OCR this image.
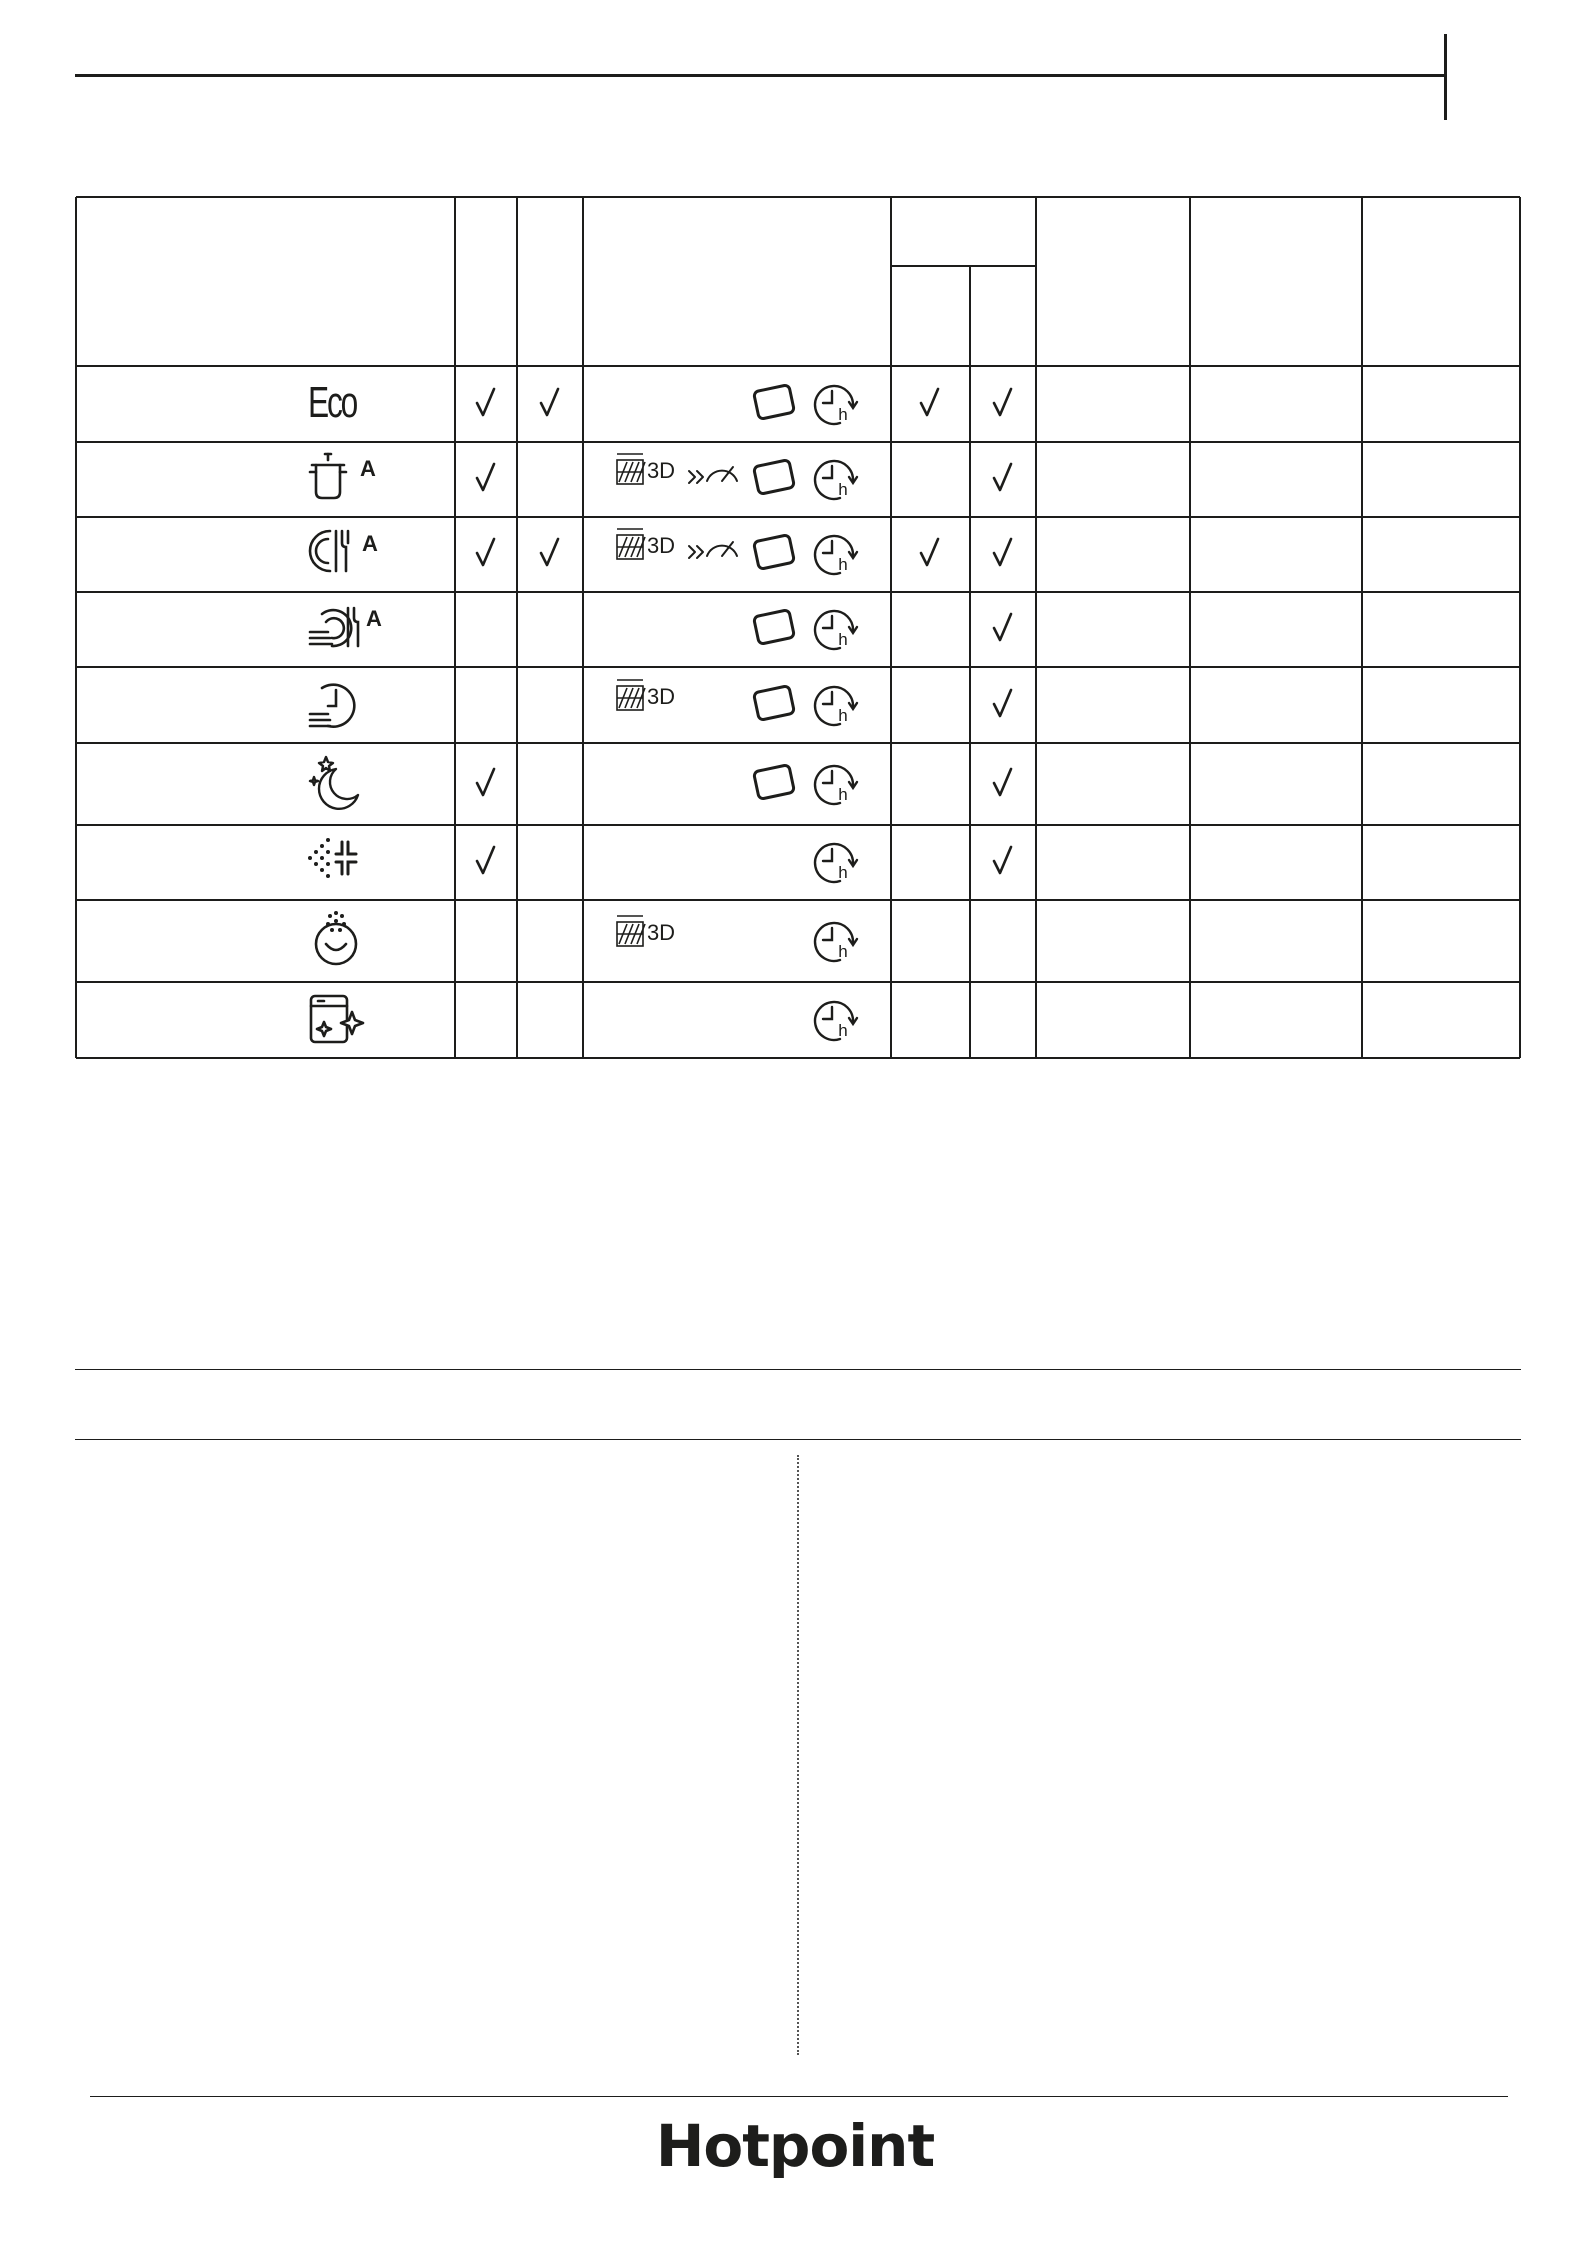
Eco
A
A
A
h
3D
h
3D
h
h
3D
h
h
h
3D
h
h
Hotpoint
